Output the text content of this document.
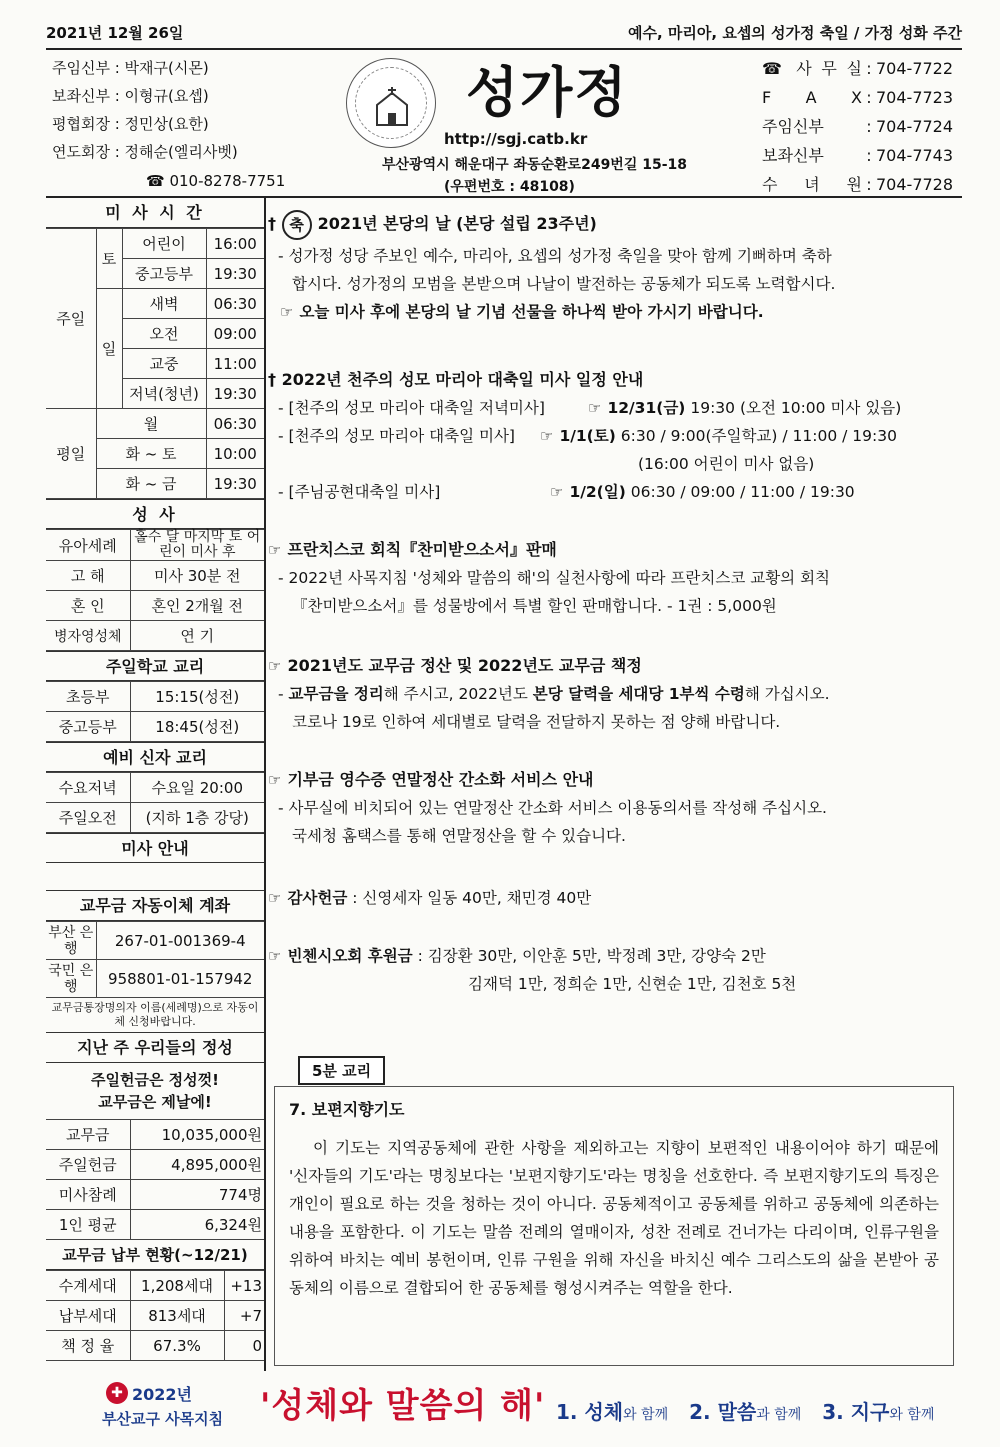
2021년 12월 26일	예수, 마리아, 요셉의 성가정 축일 / 가정 성화 주간
주임신부 : 박재구(시몬)
보좌신부 : 이형규(요셉)
평협회장 : 정민상(요한)
연도회장 : 정해순(엘리사벳)
☎ 010-8278-7751
성가정
http://sgj.catb.kr
부산광역시 해운대구 좌동순환로249번길 15-18
(우편번호 : 48108)
☎ 사 무 실 : 704-7722
F A X : 704-7723
주임신부	: 704-7724
보좌신부	: 704-7743
수 녀 원 : 704-7728
미 사 시 간
주일	토	어린이	16:00
		중고등부	19:30
	일	새벽	06:30
		오전	09:00
		교중	11:00
		저녁(청년)	19:30
평일	월		06:30
	화 ~ 토		10:00
	화 ~ 금		19:30
성 사
유아세례	홀수 달 마지막 토 어린이 미사 후
고 해	미사 30분 전
혼 인	혼인 2개월 전
병자영성체	연 기
주일학교 교리
초등부	15:15(성전)
중고등부	18:45(성전)
예비 신자 교리
수요저녁	수요일 20:00
주일오전	(지하 1층 강당)
미사 안내
교무금 자동이체 계좌
부산 은행	267-01-001369-4
국민 은행	958801-01-157942
교무금통장명의자 이름(세례명)으로 자동이체 신청바랍니다.
지난 주 우리들의 정성
주일헌금은 정성껏!
교무금은 제날에!
교무금	10,035,000원
주일헌금	4,895,000원
미사참례	774명
1인 평균	6,324원
교무금 납부 현황(~12/21)
수계세대	1,208세대	+13
납부세대	813세대	+7
책 정 율	67.3%	0
† 축 2021년 본당의 날 (본당 설립 23주년)
- 성가정 성당 주보인 예수, 마리아, 요셉의 성가정 축일을 맞아 함께 기뻐하며 축하
합시다. 성가정의 모범을 본받으며 나날이 발전하는 공동체가 되도록 노력합시다.
☞ 오늘 미사 후에 본당의 날 기념 선물을 하나씩 받아 가시기 바랍니다.
† 2022년 천주의 성모 마리아 대축일 미사 일정 안내
- [천주의 성모 마리아 대축일 저녁미사]	☞ 12/31(금) 19:30 (오전 10:00 미사 있음)
- [천주의 성모 마리아 대축일 미사] ☞ 1/1(토) 6:30 / 9:00(주일학교) / 11:00 / 19:30
(16:00 어린이 미사 없음)
- [주님공현대축일 미사]	☞ 1/2(일) 06:30 / 09:00 / 11:00 / 19:30
☞ 프란치스코 회칙『찬미받으소서』판매
- 2022년 사목지침 '성체와 말씀의 해'의 실천사항에 따라 프란치스코 교황의 회칙
『찬미받으소서』를 성물방에서 특별 할인 판매합니다. - 1권 : 5,000원
☞ 2021년도 교무금 정산 및 2022년도 교무금 책정
- 교무금을 정리해 주시고, 2022년도 본당 달력을 세대당 1부씩 수령해 가십시오.
코로나 19로 인하여 세대별로 달력을 전달하지 못하는 점 양해 바랍니다.
☞ 기부금 영수증 연말정산 간소화 서비스 안내
- 사무실에 비치되어 있는 연말정산 간소화 서비스 이용동의서를 작성해 주십시오.
국세청 홈택스를 통해 연말정산을 할 수 있습니다.
☞ 감사헌금 : 신영세자 일동 40만, 채민경 40만
☞ 빈첸시오회 후원금 : 김장환 30만, 이안훈 5만, 박정례 3만, 강양숙 2만
김재덕 1만, 정희순 1만, 신현순 1만, 김천호 5천
5분 교리
7. 보편지향기도

이 기도는 지역공동체에 관한 사항을 제외하고는 지향이 보편적인 내용이어야 하기 때문에 '신자들의 기도'라는 명칭보다는 '보편지향기도'라는 명칭을 선호한다. 즉 보편지향기도의 특징은 개인이 필요로 하는 것을 청하는 것이 아니다. 공동체적이고 공동체를 위하고 공동체에 의존하는 내용을 포함한다. 이 기도는 말씀 전례의 열매이자, 성찬 전례로 건너가는 다리이며, 인류구원을 위하여 바치는 예비 봉헌이며, 인류 구원을 위해 자신을 바치신 예수 그리스도의 삶을 본받아 공동체의 이름으로 결합되어 한 공동체를 형성시켜주는 역할을 한다.

✚ 2022년
부산교구 사목지침 '성체와 말씀의 해' 1. 성체와 함께 2. 말씀과 함께 3. 지구와 함께
